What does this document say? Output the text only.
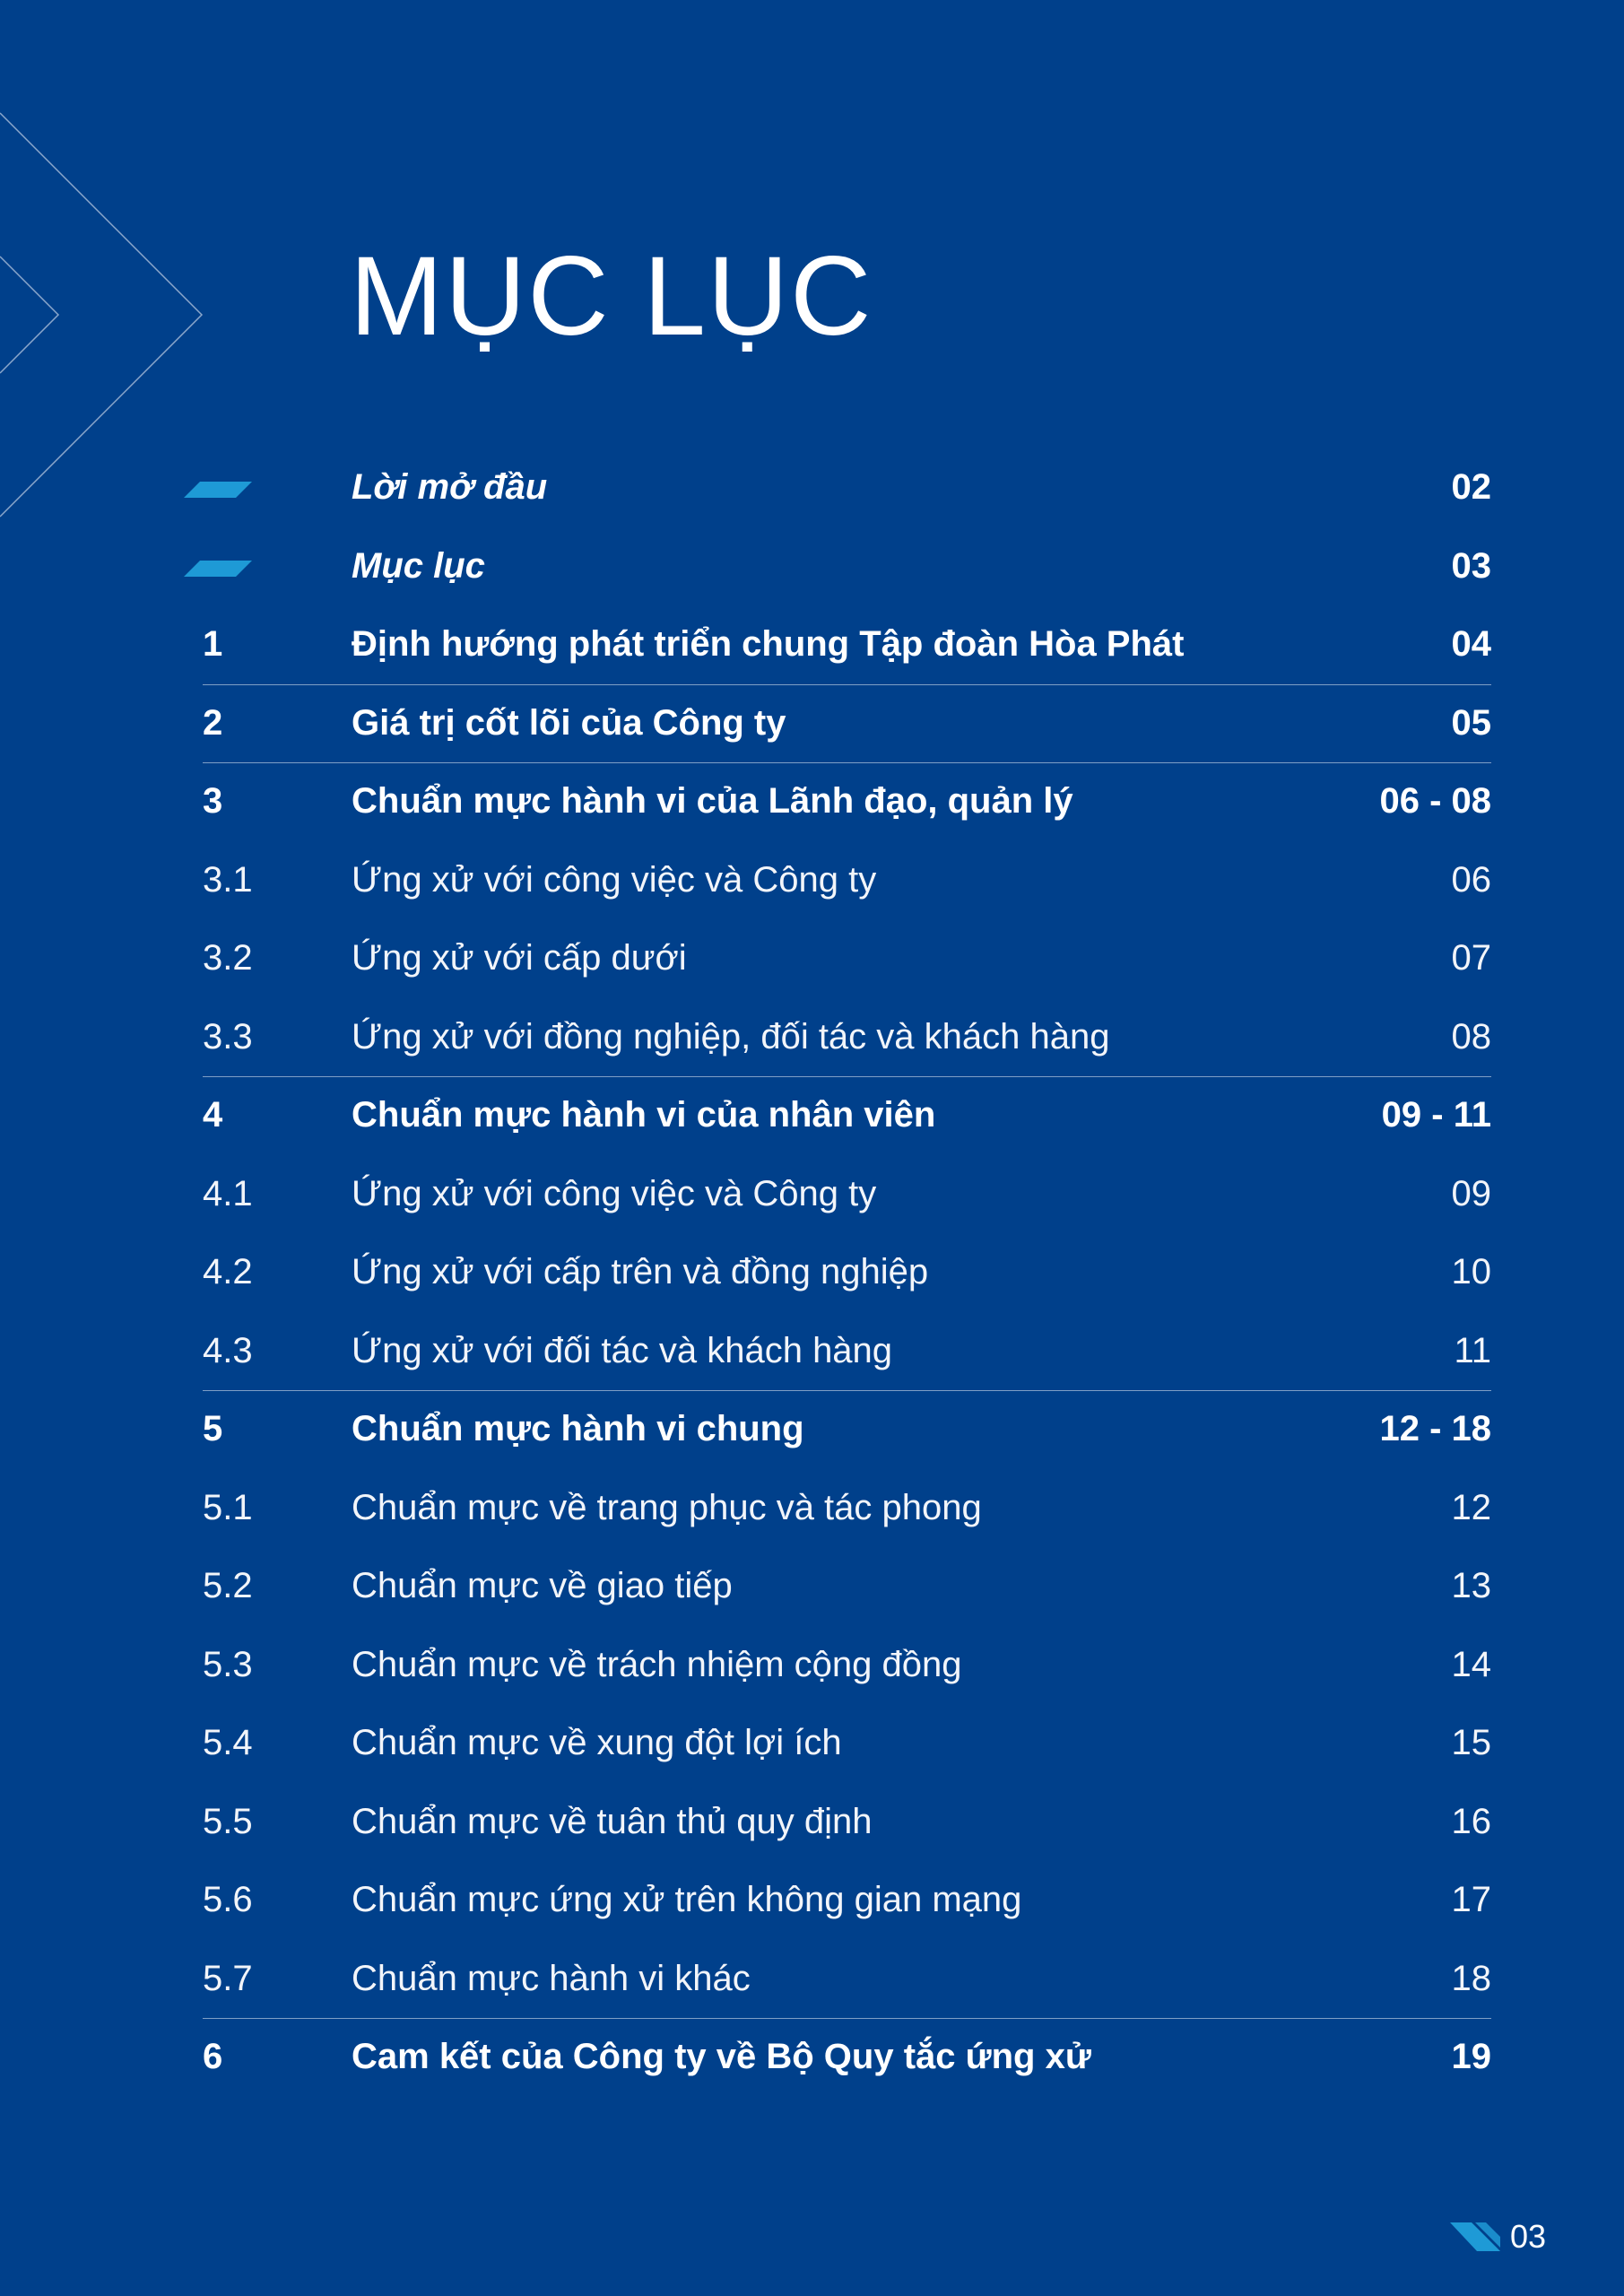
MỤC LỤC
Lời mở đầu	02
Mục lục	03
1	Định hướng phát triển chung Tập đoàn Hòa Phát	04
2	Giá trị cốt lõi của Công ty	05
3	Chuẩn mực hành vi của Lãnh đạo, quản lý	06 - 08
3.1	Ứng xử với công việc và Công ty	06
3.2	Ứng xử với cấp dưới	07
3.3	Ứng xử với đồng nghiệp, đối tác và khách hàng	08
4	Chuẩn mực hành vi của nhân viên	09 - 11
4.1	Ứng xử với công việc và Công ty	09
4.2	Ứng xử với cấp trên và đồng nghiệp	10
4.3	Ứng xử với đối tác và khách hàng	11
5	Chuẩn mực hành vi chung	12 - 18
5.1	Chuẩn mực về trang phục và tác phong	12
5.2	Chuẩn mực về giao tiếp	13
5.3	Chuẩn mực về trách nhiệm cộng đồng	14
5.4	Chuẩn mực về xung đột lợi ích	15
5.5	Chuẩn mực về tuân thủ quy định	16
5.6	Chuẩn mực ứng xử trên không gian mạng	17
5.7	Chuẩn mực hành vi khác	18
6	Cam kết của Công ty về Bộ Quy tắc ứng xử	19
03
